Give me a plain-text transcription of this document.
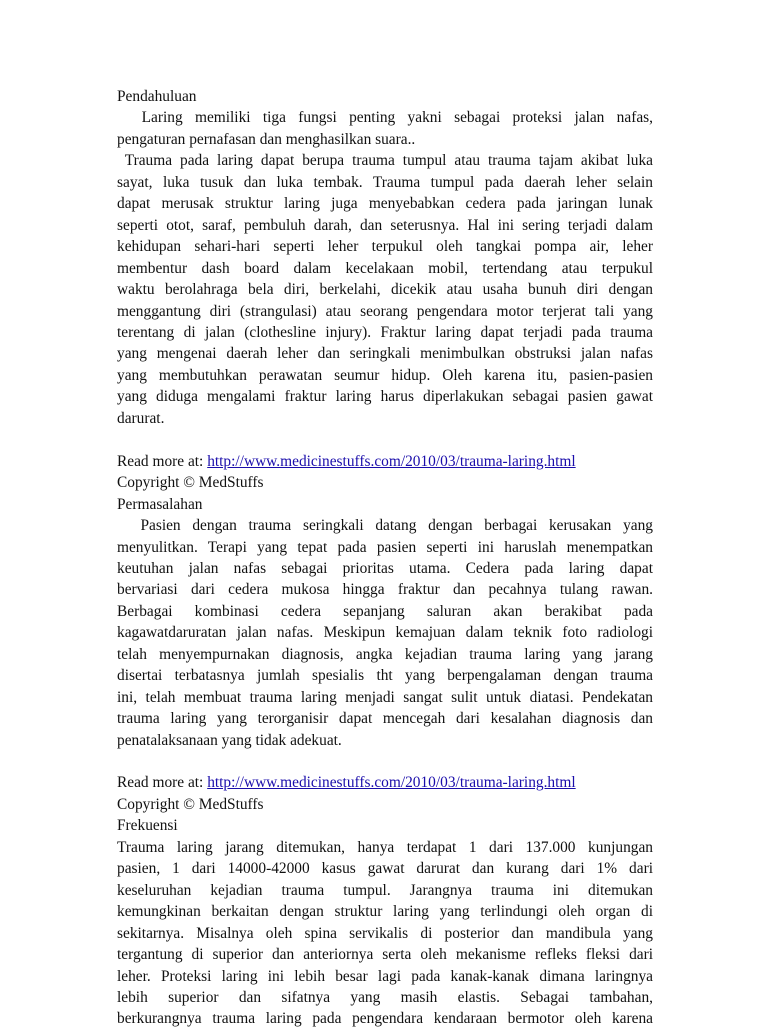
Pendahuluan
Laring memiliki tiga fungsi penting yakni sebagai proteksi jalan nafas,
pengaturan pernafasan dan menghasilkan suara..
Trauma pada laring dapat berupa trauma tumpul atau trauma tajam akibat luka
sayat, luka tusuk dan luka tembak. Trauma tumpul pada daerah leher selain
dapat merusak struktur laring juga menyebabkan cedera pada jaringan lunak
seperti otot, saraf, pembuluh darah, dan seterusnya. Hal ini sering terjadi dalam
kehidupan sehari-hari seperti leher terpukul oleh tangkai pompa air, leher
membentur dash board dalam kecelakaan mobil, tertendang atau terpukul
waktu berolahraga bela diri, berkelahi, dicekik atau usaha bunuh diri dengan
menggantung diri (strangulasi) atau seorang pengendara motor terjerat tali yang
terentang di jalan (clothesline injury). Fraktur laring dapat terjadi pada trauma
yang mengenai daerah leher dan seringkali menimbulkan obstruksi jalan nafas
yang membutuhkan perawatan seumur hidup. Oleh karena itu, pasien-pasien
yang diduga mengalami fraktur laring harus diperlakukan sebagai pasien gawat
darurat.
Read more at: http://www.medicinestuffs.com/2010/03/trauma-laring.html
Copyright © MedStuffs
Permasalahan
Pasien dengan trauma seringkali datang dengan berbagai kerusakan yang
menyulitkan. Terapi yang tepat pada pasien seperti ini haruslah menempatkan
keutuhan jalan nafas sebagai prioritas utama. Cedera pada laring dapat
bervariasi dari cedera mukosa hingga fraktur dan pecahnya tulang rawan.
Berbagai kombinasi cedera sepanjang saluran akan berakibat pada
kagawatdaruratan jalan nafas. Meskipun kemajuan dalam teknik foto radiologi
telah menyempurnakan diagnosis, angka kejadian trauma laring yang jarang
disertai terbatasnya jumlah spesialis tht yang berpengalaman dengan trauma
ini, telah membuat trauma laring menjadi sangat sulit untuk diatasi. Pendekatan
trauma laring yang terorganisir dapat mencegah dari kesalahan diagnosis dan
penatalaksanaan yang tidak adekuat.
Read more at: http://www.medicinestuffs.com/2010/03/trauma-laring.html
Copyright © MedStuffs
Frekuensi
Trauma laring jarang ditemukan, hanya terdapat 1 dari 137.000 kunjungan
pasien, 1 dari 14000-42000 kasus gawat darurat dan kurang dari 1% dari
keseluruhan kejadian trauma tumpul. Jarangnya trauma ini ditemukan
kemungkinan berkaitan dengan struktur laring yang terlindungi oleh organ di
sekitarnya. Misalnya oleh spina servikalis di posterior dan mandibula yang
tergantung di superior dan anteriornya serta oleh mekanisme refleks fleksi dari
leher. Proteksi laring ini lebih besar lagi pada kanak-kanak dimana laringnya
lebih superior dan sifatnya yang masih elastis. Sebagai tambahan,
berkurangnya trauma laring pada pengendara kendaraan bermotor oleh karena
